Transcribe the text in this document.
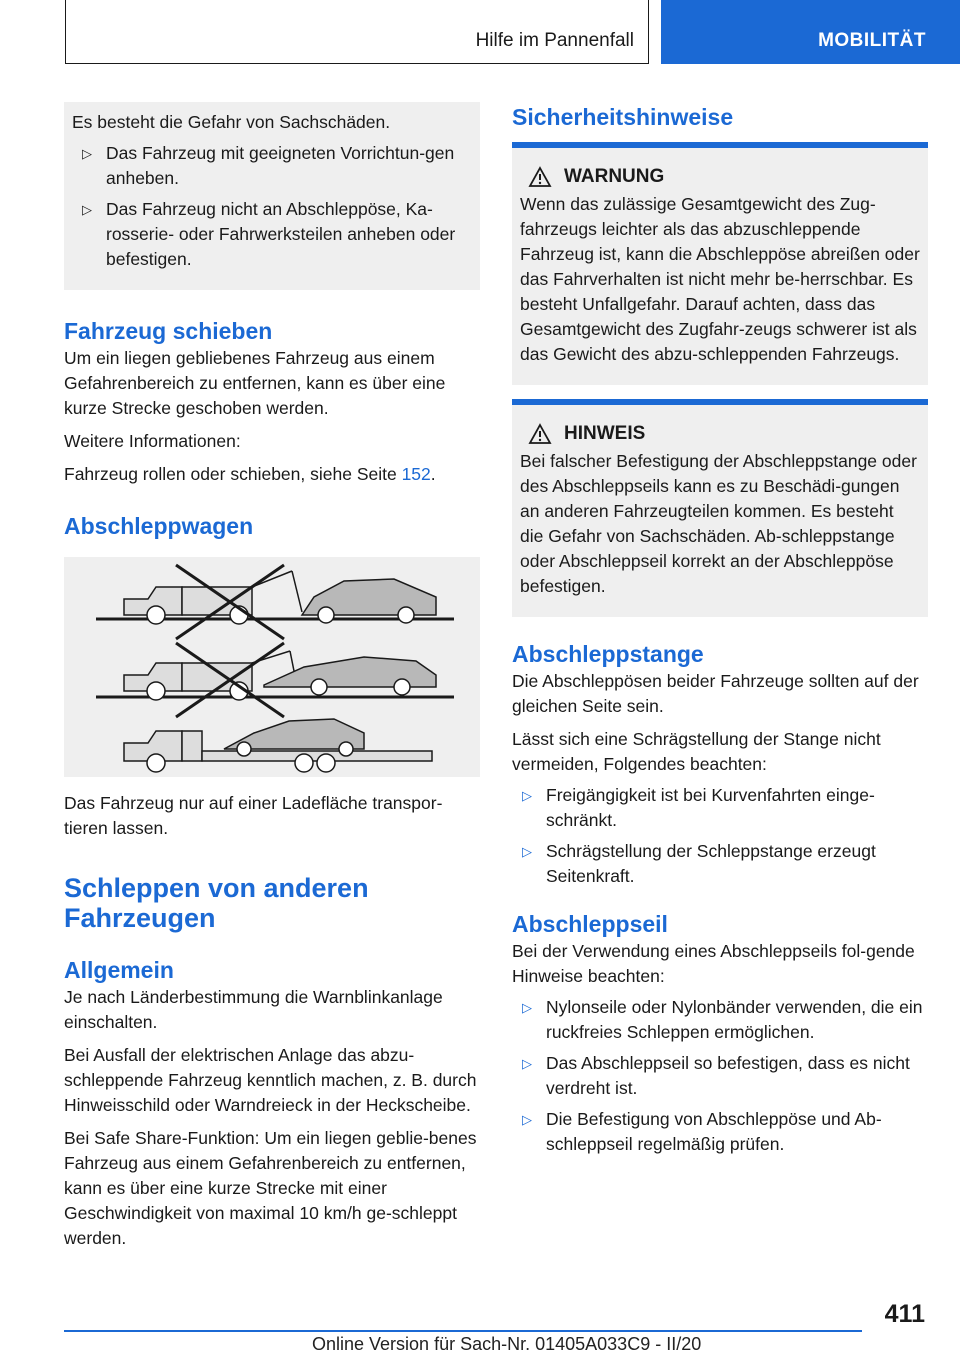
Hilfe im Pannenfall	MOBILITÄT

Es besteht die Gefahr von Sachschäden.

▷ Das Fahrzeug mit geeigneten Vorrichtun-gen anheben.
▷ Das Fahrzeug nicht an Abschleppöse, Ka-rosserie- oder Fahrwerksteilen anheben oder befestigen.
Fahrzeug schieben

Um ein liegen gebliebenes Fahrzeug aus einem Gefahrenbereich zu entfernen, kann es über eine kurze Strecke geschoben werden.

Weitere Informationen:

Fahrzeug rollen oder schieben, siehe Seite 152.

Abschleppwagen

Das Fahrzeug nur auf einer Ladefläche transpor-tieren lassen.

Schleppen von anderen
Fahrzeugen
Allgemein

Je nach Länderbestimmung die Warnblinkanlage einschalten.

Bei Ausfall der elektrischen Anlage das abzu-schleppende Fahrzeug kenntlich machen, z. B. durch Hinweisschild oder Warndreieck in der Heckscheibe.

Bei Safe Share-Funktion: Um ein liegen geblie-benes Fahrzeug aus einem Gefahrenbereich zu entfernen, kann es über eine kurze Strecke mit einer Geschwindigkeit von maximal 10 km/h ge-schleppt werden.

Sicherheitshinweise
WARNUNG

Wenn das zulässige Gesamtgewicht des Zug-fahrzeugs leichter als das abzuschleppende Fahrzeug ist, kann die Abschleppöse abreißen oder das Fahrverhalten ist nicht mehr be-herrschbar. Es besteht Unfallgefahr. Darauf achten, dass das Gesamtgewicht des Zugfahr-zeugs schwerer ist als das Gewicht des abzu-schleppenden Fahrzeugs.

HINWEIS

Bei falscher Befestigung der Abschleppstange oder des Abschleppseils kann es zu Beschädi-gungen an anderen Fahrzeugteilen kommen. Es besteht die Gefahr von Sachschäden. Ab-schleppstange oder Abschleppseil korrekt an der Abschleppöse befestigen.

Abschleppstange

Die Abschleppösen beider Fahrzeuge sollten auf der gleichen Seite sein.

Lässt sich eine Schrägstellung der Stange nicht vermeiden, Folgendes beachten:

▷ Freigängigkeit ist bei Kurvenfahrten einge-schränkt.
▷ Schrägstellung der Schleppstange erzeugt Seitenkraft.
Abschleppseil

Bei der Verwendung eines Abschleppseils fol-gende Hinweise beachten:

▷ Nylonseile oder Nylonbänder verwenden, die ein ruckfreies Schleppen ermöglichen.
▷ Das Abschleppseil so befestigen, dass es nicht verdreht ist.
▷ Die Befestigung von Abschleppöse und Ab-schleppseil regelmäßig prüfen.
411
Online Version für Sach-Nr. 01405A033C9 - II/20
